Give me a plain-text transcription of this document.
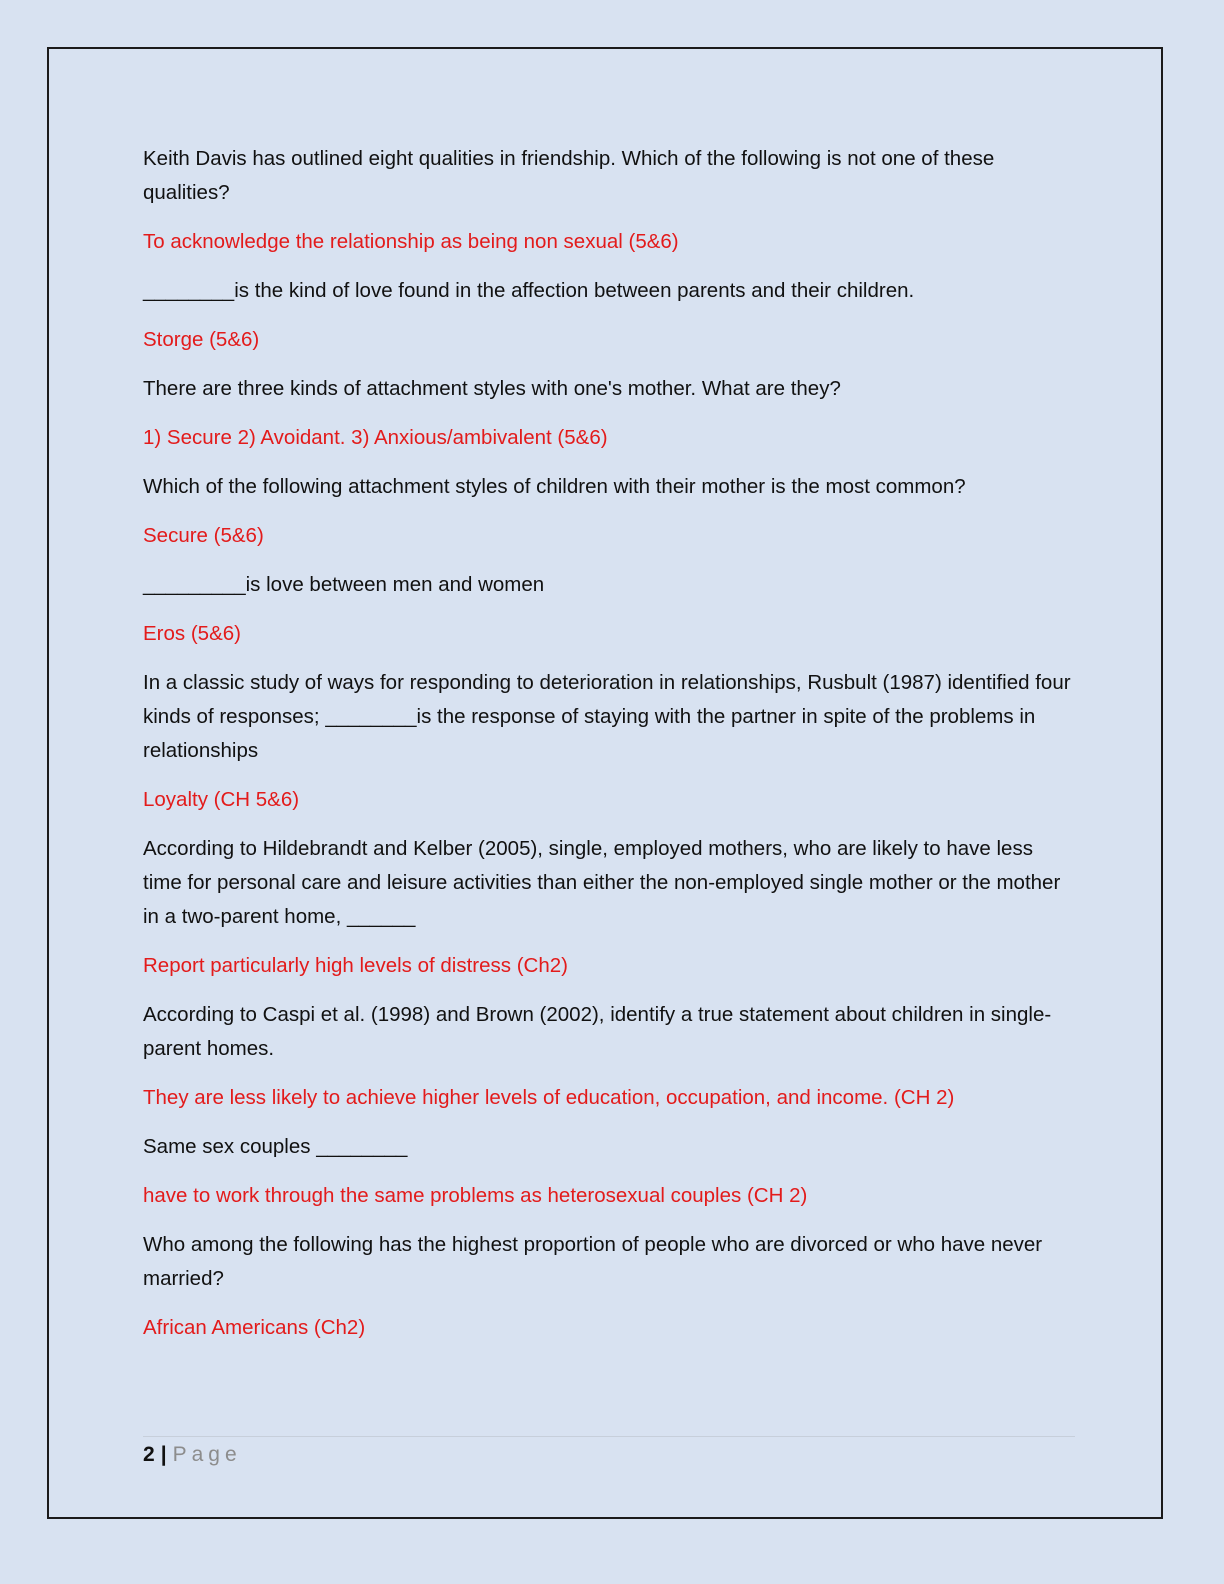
Keith Davis has outlined eight qualities in friendship. Which of the following is not one of these qualities?

To acknowledge the relationship as being non sexual (5&6)

________is the kind of love found in the affection between parents and their children.

Storge (5&6)

There are three kinds of attachment styles with one's mother. What are they?

1) Secure 2) Avoidant. 3) Anxious/ambivalent (5&6)

Which of the following attachment styles of children with their mother is the most common?

Secure (5&6)

_________is love between men and women

Eros (5&6)

In a classic study of ways for responding to deterioration in relationships, Rusbult (1987) identified four kinds of responses; ________is the response of staying with the partner in spite of the problems in relationships

Loyalty (CH 5&6)

According to Hildebrandt and Kelber (2005), single, employed mothers, who are likely to have less time for personal care and leisure activities than either the non-employed single mother or the mother in a two-parent home, ______

Report particularly high levels of distress (Ch2)

According to Caspi et al. (1998) and Brown (2002), identify a true statement about children in single-parent homes.

They are less likely to achieve higher levels of education, occupation, and income. (CH 2)

Same sex couples ________

have to work through the same problems as heterosexual couples (CH 2)

Who among the following has the highest proportion of people who are divorced or who have never married?

African Americans (Ch2)

2 | Page
